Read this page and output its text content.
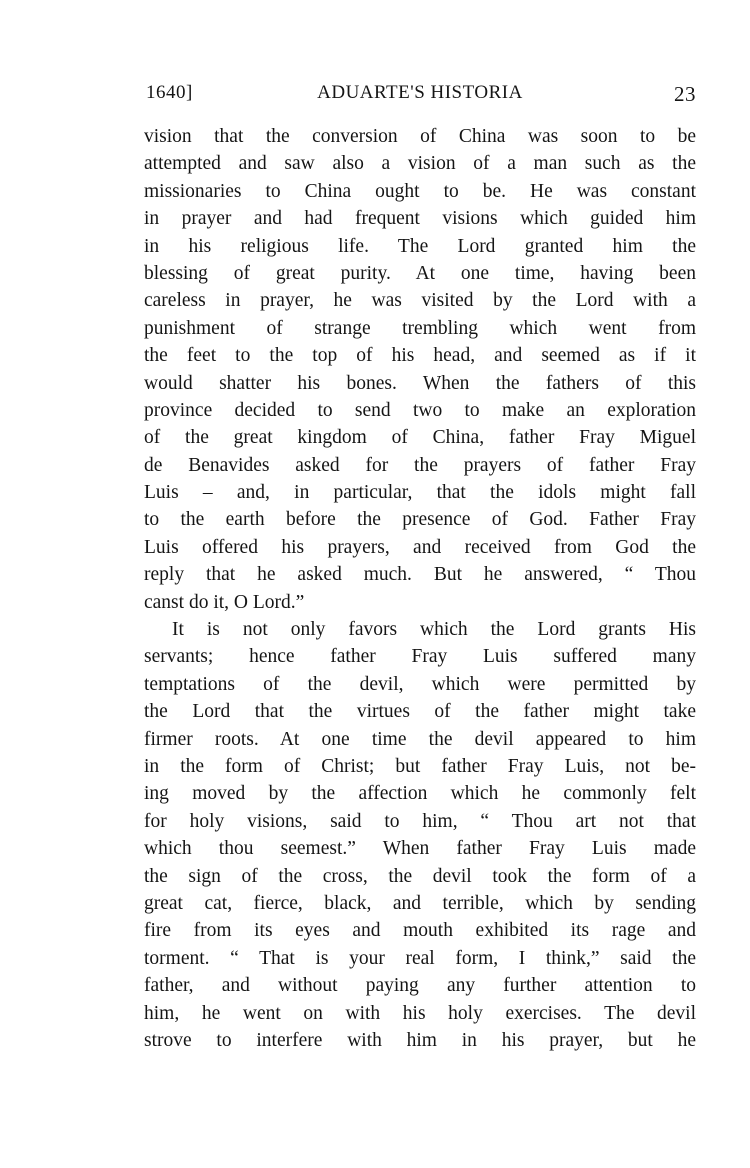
1640]	ADUARTE'S HISTORIA	23
vision that the conversion of China was soon to be
attempted and saw also a vision of a man such as the
missionaries to China ought to be. He was constant
in prayer and had frequent visions which guided him
in his religious life. The Lord granted him the
blessing of great purity. At one time, having been
careless in prayer, he was visited by the Lord with a
punishment of strange trembling which went from
the feet to the top of his head, and seemed as if it
would shatter his bones. When the fathers of this
province decided to send two to make an exploration
of the great kingdom of China, father Fray Miguel
de Benavides asked for the prayers of father Fray
Luis – and, in particular, that the idols might fall
to the earth before the presence of God. Father Fray
Luis offered his prayers, and received from God the
reply that he asked much. But he answered, “ Thou
canst do it, O Lord.”
It is not only favors which the Lord grants His
servants; hence father Fray Luis suffered many
temptations of the devil, which were permitted by
the Lord that the virtues of the father might take
firmer roots. At one time the devil appeared to him
in the form of Christ; but father Fray Luis, not be-
ing moved by the affection which he commonly felt
for holy visions, said to him, “ Thou art not that
which thou seemest.” When father Fray Luis made
the sign of the cross, the devil took the form of a
great cat, fierce, black, and terrible, which by sending
fire from its eyes and mouth exhibited its rage and
torment. “ That is your real form, I think,” said the
father, and without paying any further attention to
him, he went on with his holy exercises. The devil
strove to interfere with him in his prayer, but he
